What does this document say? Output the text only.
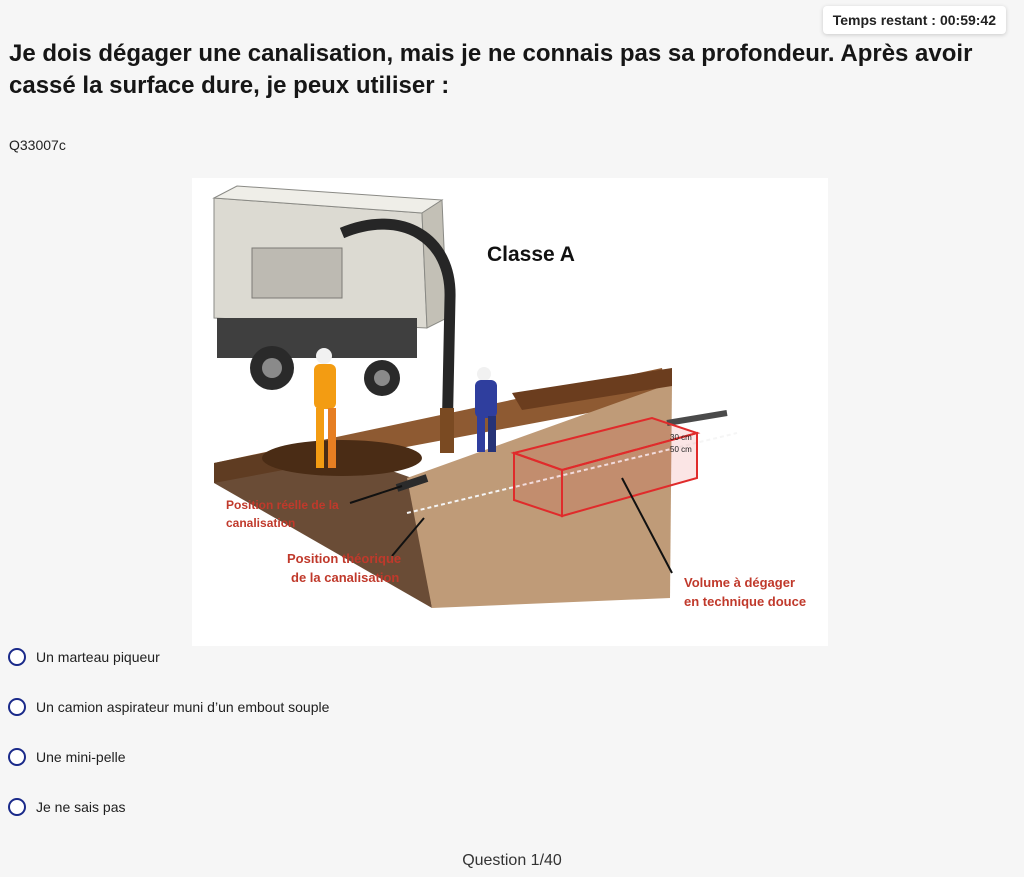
Temps restant : 00:59:42
Je dois dégager une canalisation, mais je ne connais pas sa profondeur. Après avoir cassé la surface dure, je peux utiliser :
Q33007c
30 cm
50 cm
Classe A
Position réelle de la
canalisation
Position théorique
de la canalisation	Volume à dégager
en technique douce
Un marteau piqueur
Un camion aspirateur muni d’un embout souple
Une mini-pelle
Je ne sais pas
Question 1/40
